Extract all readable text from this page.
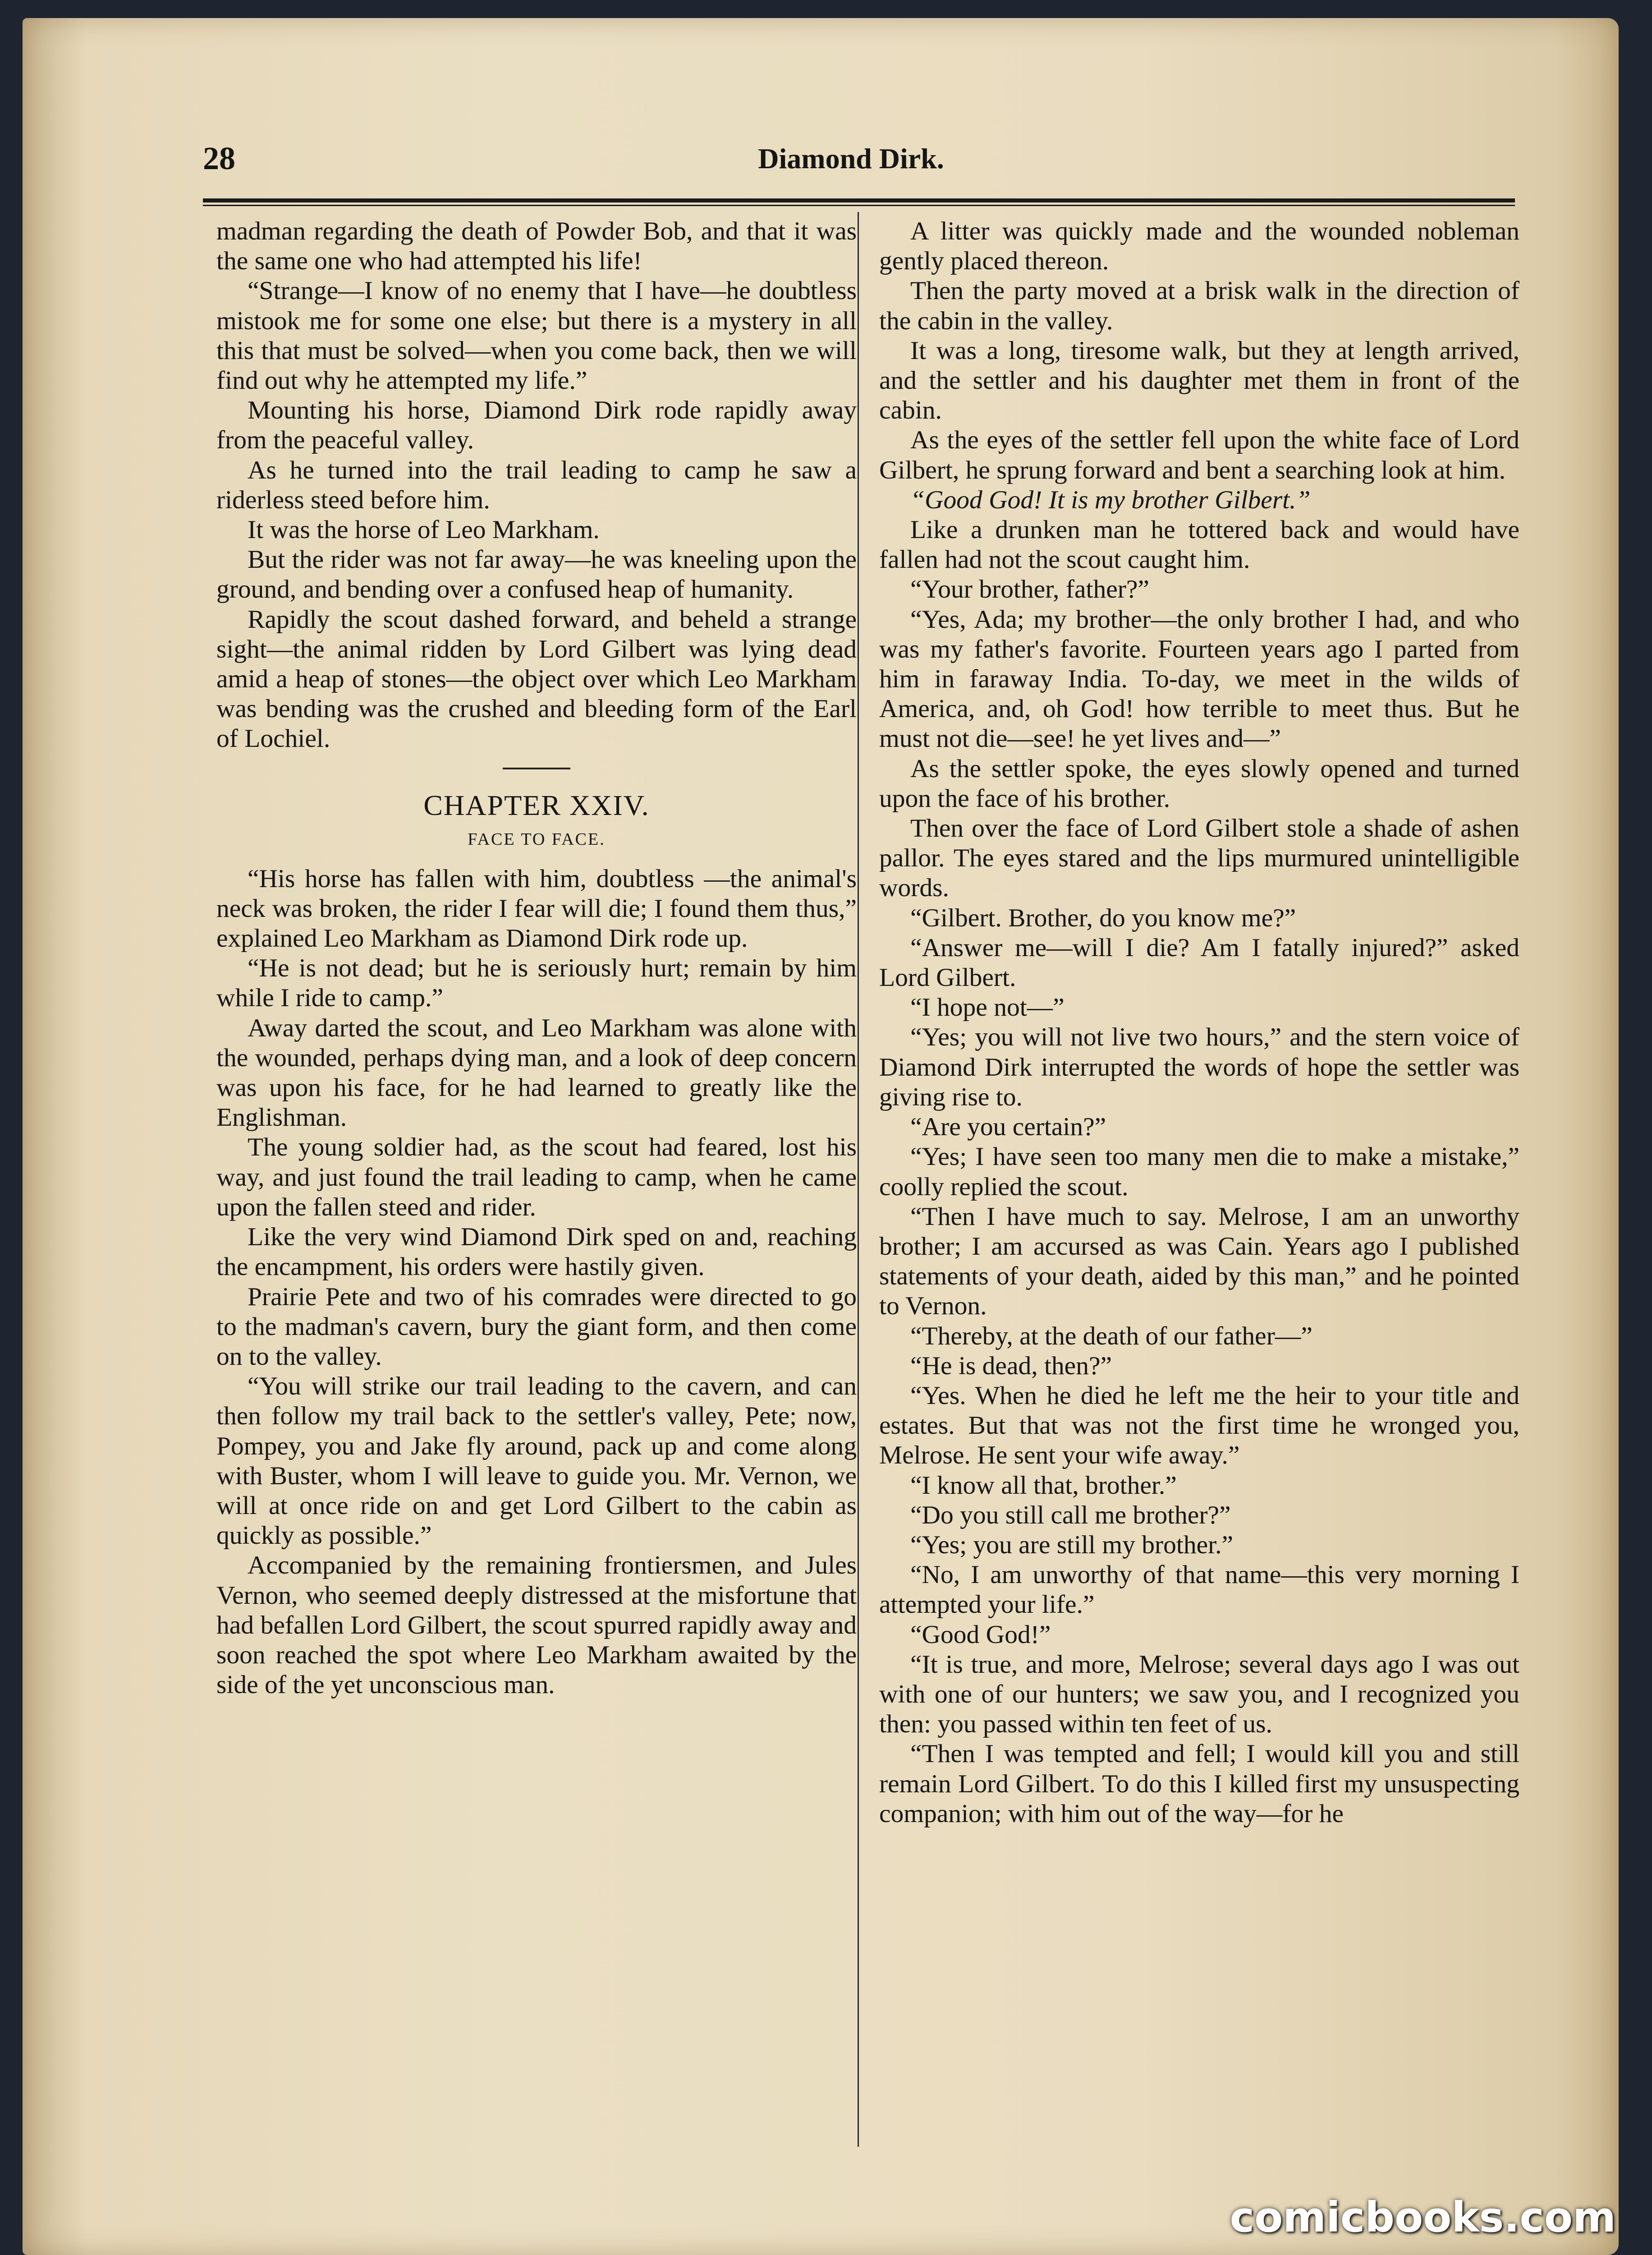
28	Diamond Dirk.

madman regarding the death of Powder Bob, and that it was the same one who had attempted his life!

“Strange—I know of no enemy that I have—he doubtless mistook me for some one else; but there is a mystery in all this that must be solved—when you come back, then we will find out why he attempted my life.”

Mounting his horse, Diamond Dirk rode rapidly away from the peaceful valley.

As he turned into the trail leading to camp he saw a riderless steed before him.

It was the horse of Leo Markham.

But the rider was not far away—he was kneeling upon the ground, and bending over a confused heap of humanity.

Rapidly the scout dashed forward, and beheld a strange sight—the animal ridden by Lord Gilbert was lying dead amid a heap of stones—the object over which Leo Markham was bending was the crushed and bleeding form of the Earl of Lochiel.

CHAPTER XXIV.
FACE TO FACE.

“His horse has fallen with him, doubtless —the animal's neck was broken, the rider I fear will die; I found them thus,” explained Leo Markham as Diamond Dirk rode up.

“He is not dead; but he is seriously hurt; remain by him while I ride to camp.”

Away darted the scout, and Leo Markham was alone with the wounded, perhaps dying man, and a look of deep concern was upon his face, for he had learned to greatly like the Englishman.

The young soldier had, as the scout had feared, lost his way, and just found the trail leading to camp, when he came upon the fallen steed and rider.

Like the very wind Diamond Dirk sped on and, reaching the encampment, his orders were hastily given.

Prairie Pete and two of his comrades were directed to go to the madman's cavern, bury the giant form, and then come on to the valley.

“You will strike our trail leading to the cavern, and can then follow my trail back to the settler's valley, Pete; now, Pompey, you and Jake fly around, pack up and come along with Buster, whom I will leave to guide you. Mr. Vernon, we will at once ride on and get Lord Gilbert to the cabin as quickly as possible.”

Accompanied by the remaining frontiersmen, and Jules Vernon, who seemed deeply distressed at the misfortune that had befallen Lord Gilbert, the scout spurred rapidly away and soon reached the spot where Leo Markham awaited by the side of the yet unconscious man.

A litter was quickly made and the wounded nobleman gently placed thereon.

Then the party moved at a brisk walk in the direction of the cabin in the valley.

It was a long, tiresome walk, but they at length arrived, and the settler and his daughter met them in front of the cabin.

As the eyes of the settler fell upon the white face of Lord Gilbert, he sprung forward and bent a searching look at him.

“Good God! It is my brother Gilbert.”

Like a drunken man he tottered back and would have fallen had not the scout caught him.

“Your brother, father?”

“Yes, Ada; my brother—the only brother I had, and who was my father's favorite. Fourteen years ago I parted from him in faraway India. To-day, we meet in the wilds of America, and, oh God! how terrible to meet thus. But he must not die—see! he yet lives and—”

As the settler spoke, the eyes slowly opened and turned upon the face of his brother.

Then over the face of Lord Gilbert stole a shade of ashen pallor. The eyes stared and the lips murmured unintelligible words.

“Gilbert. Brother, do you know me?”

“Answer me—will I die? Am I fatally injured?” asked Lord Gilbert.

“I hope not—”

“Yes; you will not live two hours,” and the stern voice of Diamond Dirk interrupted the words of hope the settler was giving rise to.

“Are you certain?”

“Yes; I have seen too many men die to make a mistake,” coolly replied the scout.

“Then I have much to say. Melrose, I am an unworthy brother; I am accursed as was Cain. Years ago I published statements of your death, aided by this man,” and he pointed to Vernon.

“Thereby, at the death of our father—”

“He is dead, then?”

“Yes. When he died he left me the heir to your title and estates. But that was not the first time he wronged you, Melrose. He sent your wife away.”

“I know all that, brother.”

“Do you still call me brother?”

“Yes; you are still my brother.”

“No, I am unworthy of that name—this very morning I attempted your life.”

“Good God!”

“It is true, and more, Melrose; several days ago I was out with one of our hunters; we saw you, and I recognized you then: you passed within ten feet of us.

“Then I was tempted and fell; I would kill you and still remain Lord Gilbert. To do this I killed first my unsuspecting companion; with him out of the way—for he

comicbooks.com
